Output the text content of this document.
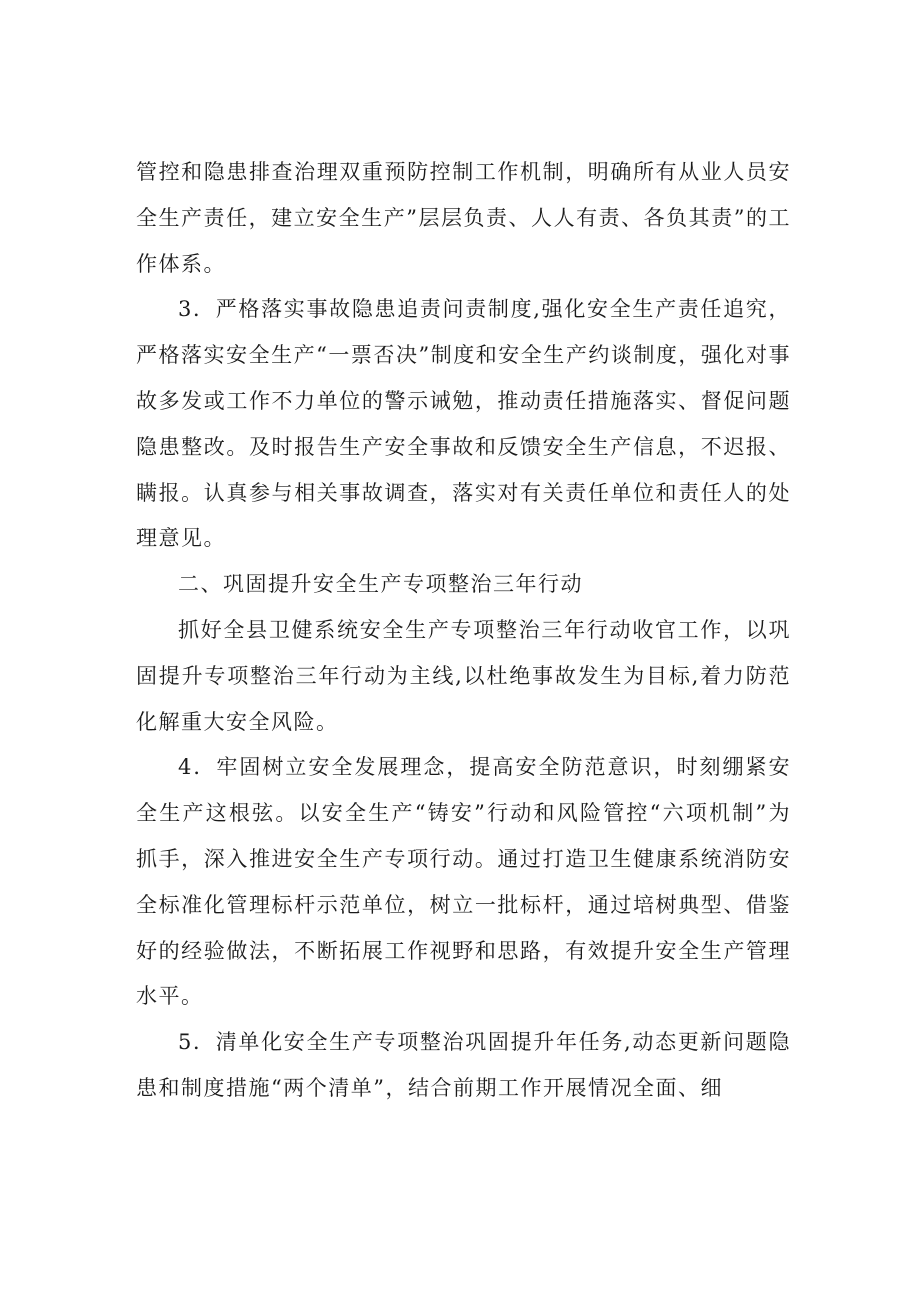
管控和隐患排查治理双重预防控制工作机制，明确所有从业人员安全生产责任，建立安全生产”层层负责、人人有责、各负其责”的工作体系。

3．严格落实事故隐患追责问责制度,强化安全生产责任追究，严格落实安全生产“一票否决”制度和安全生产约谈制度，强化对事故多发或工作不力单位的警示诫勉，推动责任措施落实、督促问题隐患整改。及时报告生产安全事故和反馈安全生产信息，不迟报、瞒报。认真参与相关事故调查，落实对有关责任单位和责任人的处理意见。

二、巩固提升安全生产专项整治三年行动

抓好全县卫健系统安全生产专项整治三年行动收官工作，以巩固提升专项整治三年行动为主线,以杜绝事故发生为目标,着力防范化解重大安全风险。

4．牢固树立安全发展理念，提高安全防范意识，时刻绷紧安全生产这根弦。以安全生产“铸安”行动和风险管控“六项机制”为抓手，深入推进安全生产专项行动。通过打造卫生健康系统消防安全标准化管理标杆示范单位，树立一批标杆，通过培树典型、借鉴好的经验做法，不断拓展工作视野和思路，有效提升安全生产管理水平。

5．清单化安全生产专项整治巩固提升年任务,动态更新问题隐患和制度措施“两个清单”，结合前期工作开展情况全面、细
